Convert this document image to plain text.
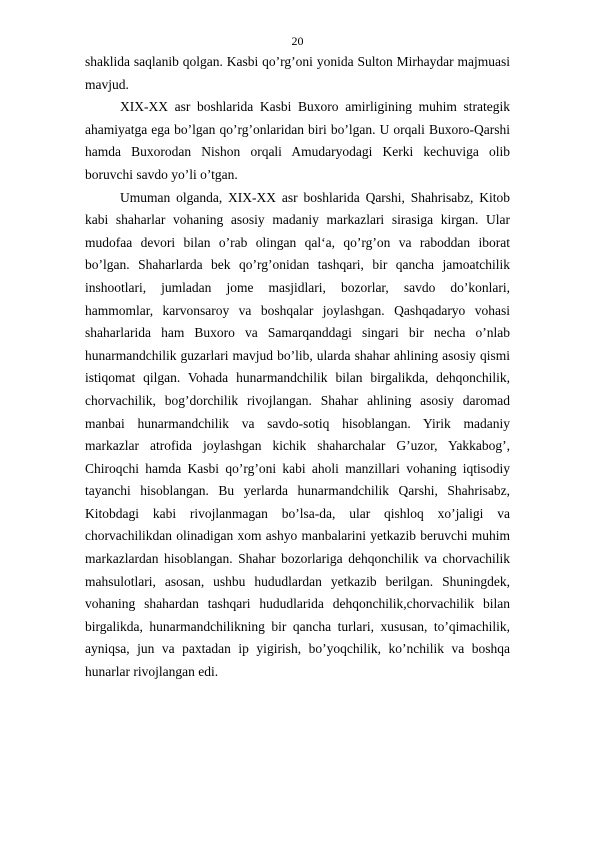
20

shaklida saqlanib qolgan. Kasbi qo’rg’oni yonida Sulton Mirhaydar majmuasi mavjud.

XIX-XX asr boshlarida Kasbi Buxoro amirligining muhim strategik ahamiyatga ega bo’lgan qo’rg’onlaridan biri bo’lgan. U orqali Buxoro-Qarshi hamda Buxorodan Nishon orqali Amudaryodagi Kerki kechuviga olib boruvchi savdo yo’li o’tgan.

Umuman olganda, XIX-XX asr boshlarida Qarshi, Shahrisabz, Kitob kabi shaharlar vohaning asosiy madaniy markazlari sirasiga kirgan. Ular mudofaa devori bilan o’rab olingan qal‘a, qo’rg’on va raboddan iborat bo’lgan. Shaharlarda bek qo’rg’onidan tashqari, bir qancha jamoatchilik inshootlari, jumladan jome masjidlari, bozorlar, savdo do’konlari, hammomlar, karvonsaroy va boshqalar joylashgan. Qashqadaryo vohasi shaharlarida ham Buxoro va Samarqanddagi singari bir necha o’nlab hunarmandchilik guzarlari mavjud bo’lib, ularda shahar ahlining asosiy qismi istiqomat qilgan. Vohada hunarmandchilik bilan birgalikda, dehqonchilik, chorvachilik, bog’dorchilik rivojlangan. Shahar ahlining asosiy daromad manbai hunarmandchilik va savdo-sotiq hisoblangan. Yirik madaniy markazlar atrofida joylashgan kichik shaharchalar G’uzor, Yakkabog’, Chiroqchi hamda Kasbi qo’rg’oni kabi aholi manzillari vohaning iqtisodiy tayanchi hisoblangan. Bu yerlarda hunarmandchilik Qarshi, Shahrisabz, Kitobdagi kabi rivojlanmagan bo’lsa-da, ular qishloq xo’jaligi va chorvachilikdan olinadigan xom ashyo manbalarini yetkazib beruvchi muhim markazlardan hisoblangan. Shahar bozorlariga dehqonchilik va chorvachilik mahsulotlari, asosan, ushbu hududlardan yetkazib berilgan. Shuningdek, vohaning shahardan tashqari hududlarida dehqonchilik,chorvachilik bilan birgalikda, hunarmandchilikning bir qancha turlari, xususan, to’qimachilik, ayniqsa, jun va paxtadan ip yigirish, bo’yoqchilik, ko’nchilik va boshqa hunarlar rivojlangan edi.
